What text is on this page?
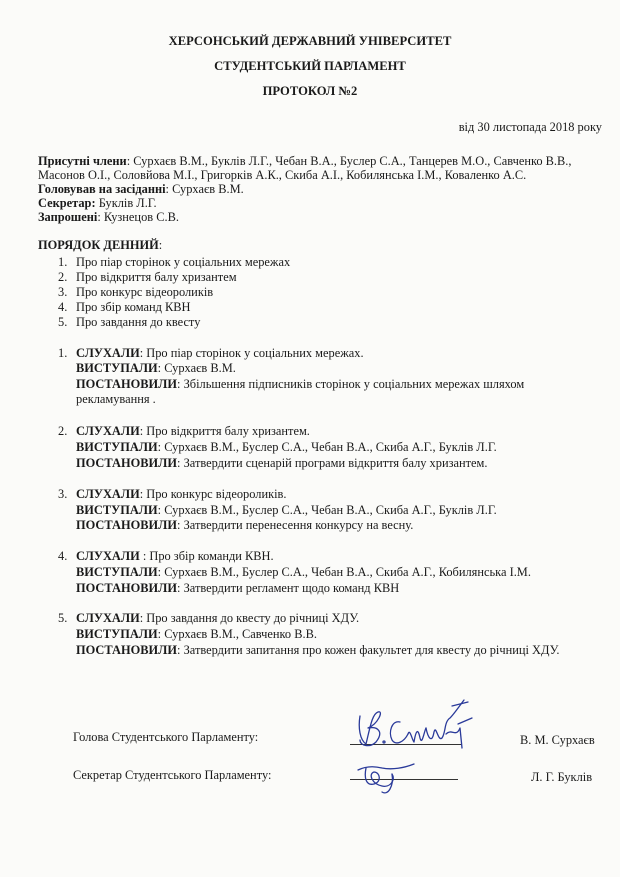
ХЕРСОНСЬКИЙ ДЕРЖАВНИЙ УНІВЕРСИТЕТ
СТУДЕНТСЬКИЙ ПАРЛАМЕНТ
ПРОТОКОЛ №2
від 30 листопада 2018 року
Присутні члени: Сурхаєв В.М., Буклів Л.Г., Чебан В.А., Буслер С.А., Танцерев М.О., Савченко В.В.,
Масонов О.І., Соловйова М.І., Григорків А.К., Скиба А.І., Кобилянська І.М., Коваленко А.С.
Головував на засіданні: Сурхаєв В.М.
Секретар: Буклів Л.Г.
Запрошені: Кузнецов С.В.
ПОРЯДОК ДЕННИЙ:
1. Про піар сторінок у соціальних мережах
2. Про відкриття балу хризантем
3. Про конкурс відеороликів
4. Про збір команд КВН
5. Про завдання до квесту
1. СЛУХАЛИ: Про піар сторінок у соціальних мережах.
ВИСТУПАЛИ: Сурхаєв В.М.
ПОСТАНОВИЛИ: Збільшення підписників сторінок у соціальних мережах шляхом
рекламування .
2. СЛУХАЛИ: Про відкриття балу хризантем.
ВИСТУПАЛИ: Сурхаєв В.М., Буслер С.А., Чебан В.А., Скиба А.Г., Буклів Л.Г.
ПОСТАНОВИЛИ: Затвердити сценарій програми відкриття балу хризантем.
3. СЛУХАЛИ: Про конкурс відеороликів.
ВИСТУПАЛИ: Сурхаєв В.М., Буслер С.А., Чебан В.А., Скиба А.Г., Буклів Л.Г.
ПОСТАНОВИЛИ: Затвердити перенесення конкурсу на весну.
4. СЛУХАЛИ : Про збір команди КВН.
ВИСТУПАЛИ: Сурхаєв В.М., Буслер С.А., Чебан В.А., Скиба А.Г., Кобилянська І.М.
ПОСТАНОВИЛИ: Затвердити регламент щодо команд КВН
5. СЛУХАЛИ: Про завдання до квесту до річниці ХДУ.
ВИСТУПАЛИ: Сурхаєв В.М., Савченко В.В.
ПОСТАНОВИЛИ: Затвердити запитання про кожен факультет для квесту до річниці ХДУ.
Голова Студентського Парламенту:	В. М. Сурхаєв
Секретар Студентського Парламенту:	Л. Г. Буклів
